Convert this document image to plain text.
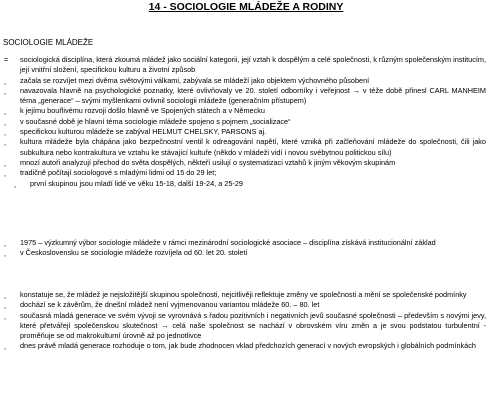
14 - SOCIOLOGIE MLÁDEŽE A RODINY
SOCIOLOGIE MLÁDEŽE
=	sociologická disciplína, která zkoumá mládež jako sociální kategorii, její vztah k dospělým a celé společnosti, k různým společenským institucím, její vnitřní složení, specifickou kulturu a životní způsob
¸	začala se rozvíjet mezi dvěma světovými válkami, zabývala se mládeží jako objektem výchovného působení
¸	navazovala hlavně na psychologické poznatky, které ovlivňovaly ve 20. století odborníky i veřejnost → v téže době přinesl CARL MANHEIM téma „generace“ – svými myšlenkami ovlivnil sociologii mládeže (generačním přístupem)
¸	k jejímu bouřlivému rozvoji došlo hlavně ve Spojených státech a v Německu
¸	v současné době je hlavní téma sociologie mládeže spojeno s pojmem „socializace“
¸	specifickou kulturou mládeže se zabýval HELMUT CHELSKY, PARSONS aj.
¸	kultura mládeže byla chápána jako bezpečnostní ventil k odreagování napětí, které vzniká při začleňování mládeže do společnosti, čili jako subkultura nebo kontrakultura ve vztahu ke stávající kultuře (někdo v mládeži vidí i novou svébytnou politickou sílu)
¸	mnozí autoři analyzují přechod do světa dospělých, někteří usilují o systematizaci vztahů k jiným věkovým skupinám
¸	tradičně počítají sociologové s mladými lidmi od 15 do 29 let;
¸	první skupinou jsou mladí lidé ve věku 15-18, další 19-24, a 25-29
¸	1975 – výzkumný výbor sociologie mládeže v rámci mezinárodní sociologické asociace – disciplína získává institucionální základ
¸	v Československu se sociologie mládeže rozvíjela od 60. let 20. století
¸	konstatuje se, že mládež je nejsložitější skupinou společnosti, nejcitlivěji reflektuje změny ve společnosti a mění se společenské podmínky
¸	dochází se k závěrům, že dnešní mládež není vyjmenovanou variantou mládeže 60. – 80. let
¸	současná mladá generace ve svém vývoji se vyrovnává s řadou pozitivních i negativních jevů současné společnosti – především s novými jevy, které přetvářejí společenskou skutečnost → celá naše společnost se nachází v obrovském víru změn a je svou podstatou turbulentní - proměňuje se od makrokulturní úrovně až po jednotlivce
¸	dnes právě mladá generace rozhoduje o tom, jak bude zhodnocen vklad předchozích generací v nových evropských i globálních podmínkách
